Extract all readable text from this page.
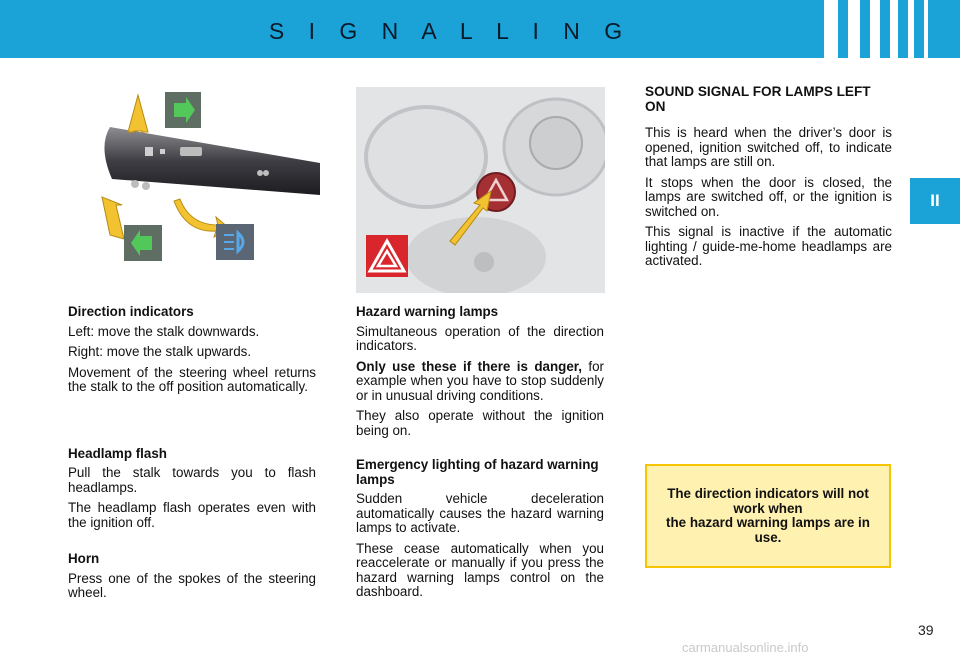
S I G N A L L I N G
II
Direction indicators

Left: move the stalk downwards.

Right: move the stalk upwards.

Movement of the steering wheel returns the stalk to the off position automatically.

Headlamp flash

Pull the stalk towards you to flash headlamps.

The headlamp flash operates even with the ignition off.

Horn

Press one of the spokes of the steering wheel.

Hazard warning lamps

Simultaneous operation of the direction indicators.

Only use these if there is danger, for example when you have to stop suddenly or in unusual driving conditions.

They also operate without the ignition being on.

Emergency lighting of hazard warning lamps

Sudden vehicle deceleration automatically causes the hazard warning lamps to activate.

These cease automatically when you reaccelerate or manually if you press the hazard warning lamps control on the dashboard.

SOUND SIGNAL FOR LAMPS LEFT ON

This is heard when the driver’s door is opened, ignition switched off, to indicate that lamps are still on.

It stops when the door is closed, the lamps are switched off, or the ignition is switched on.

This signal is inactive if the automatic lighting / guide-me-home headlamps are activated.

The direction indicators will not work when
the hazard warning lamps are in use.
39
carmanualsonline.info
